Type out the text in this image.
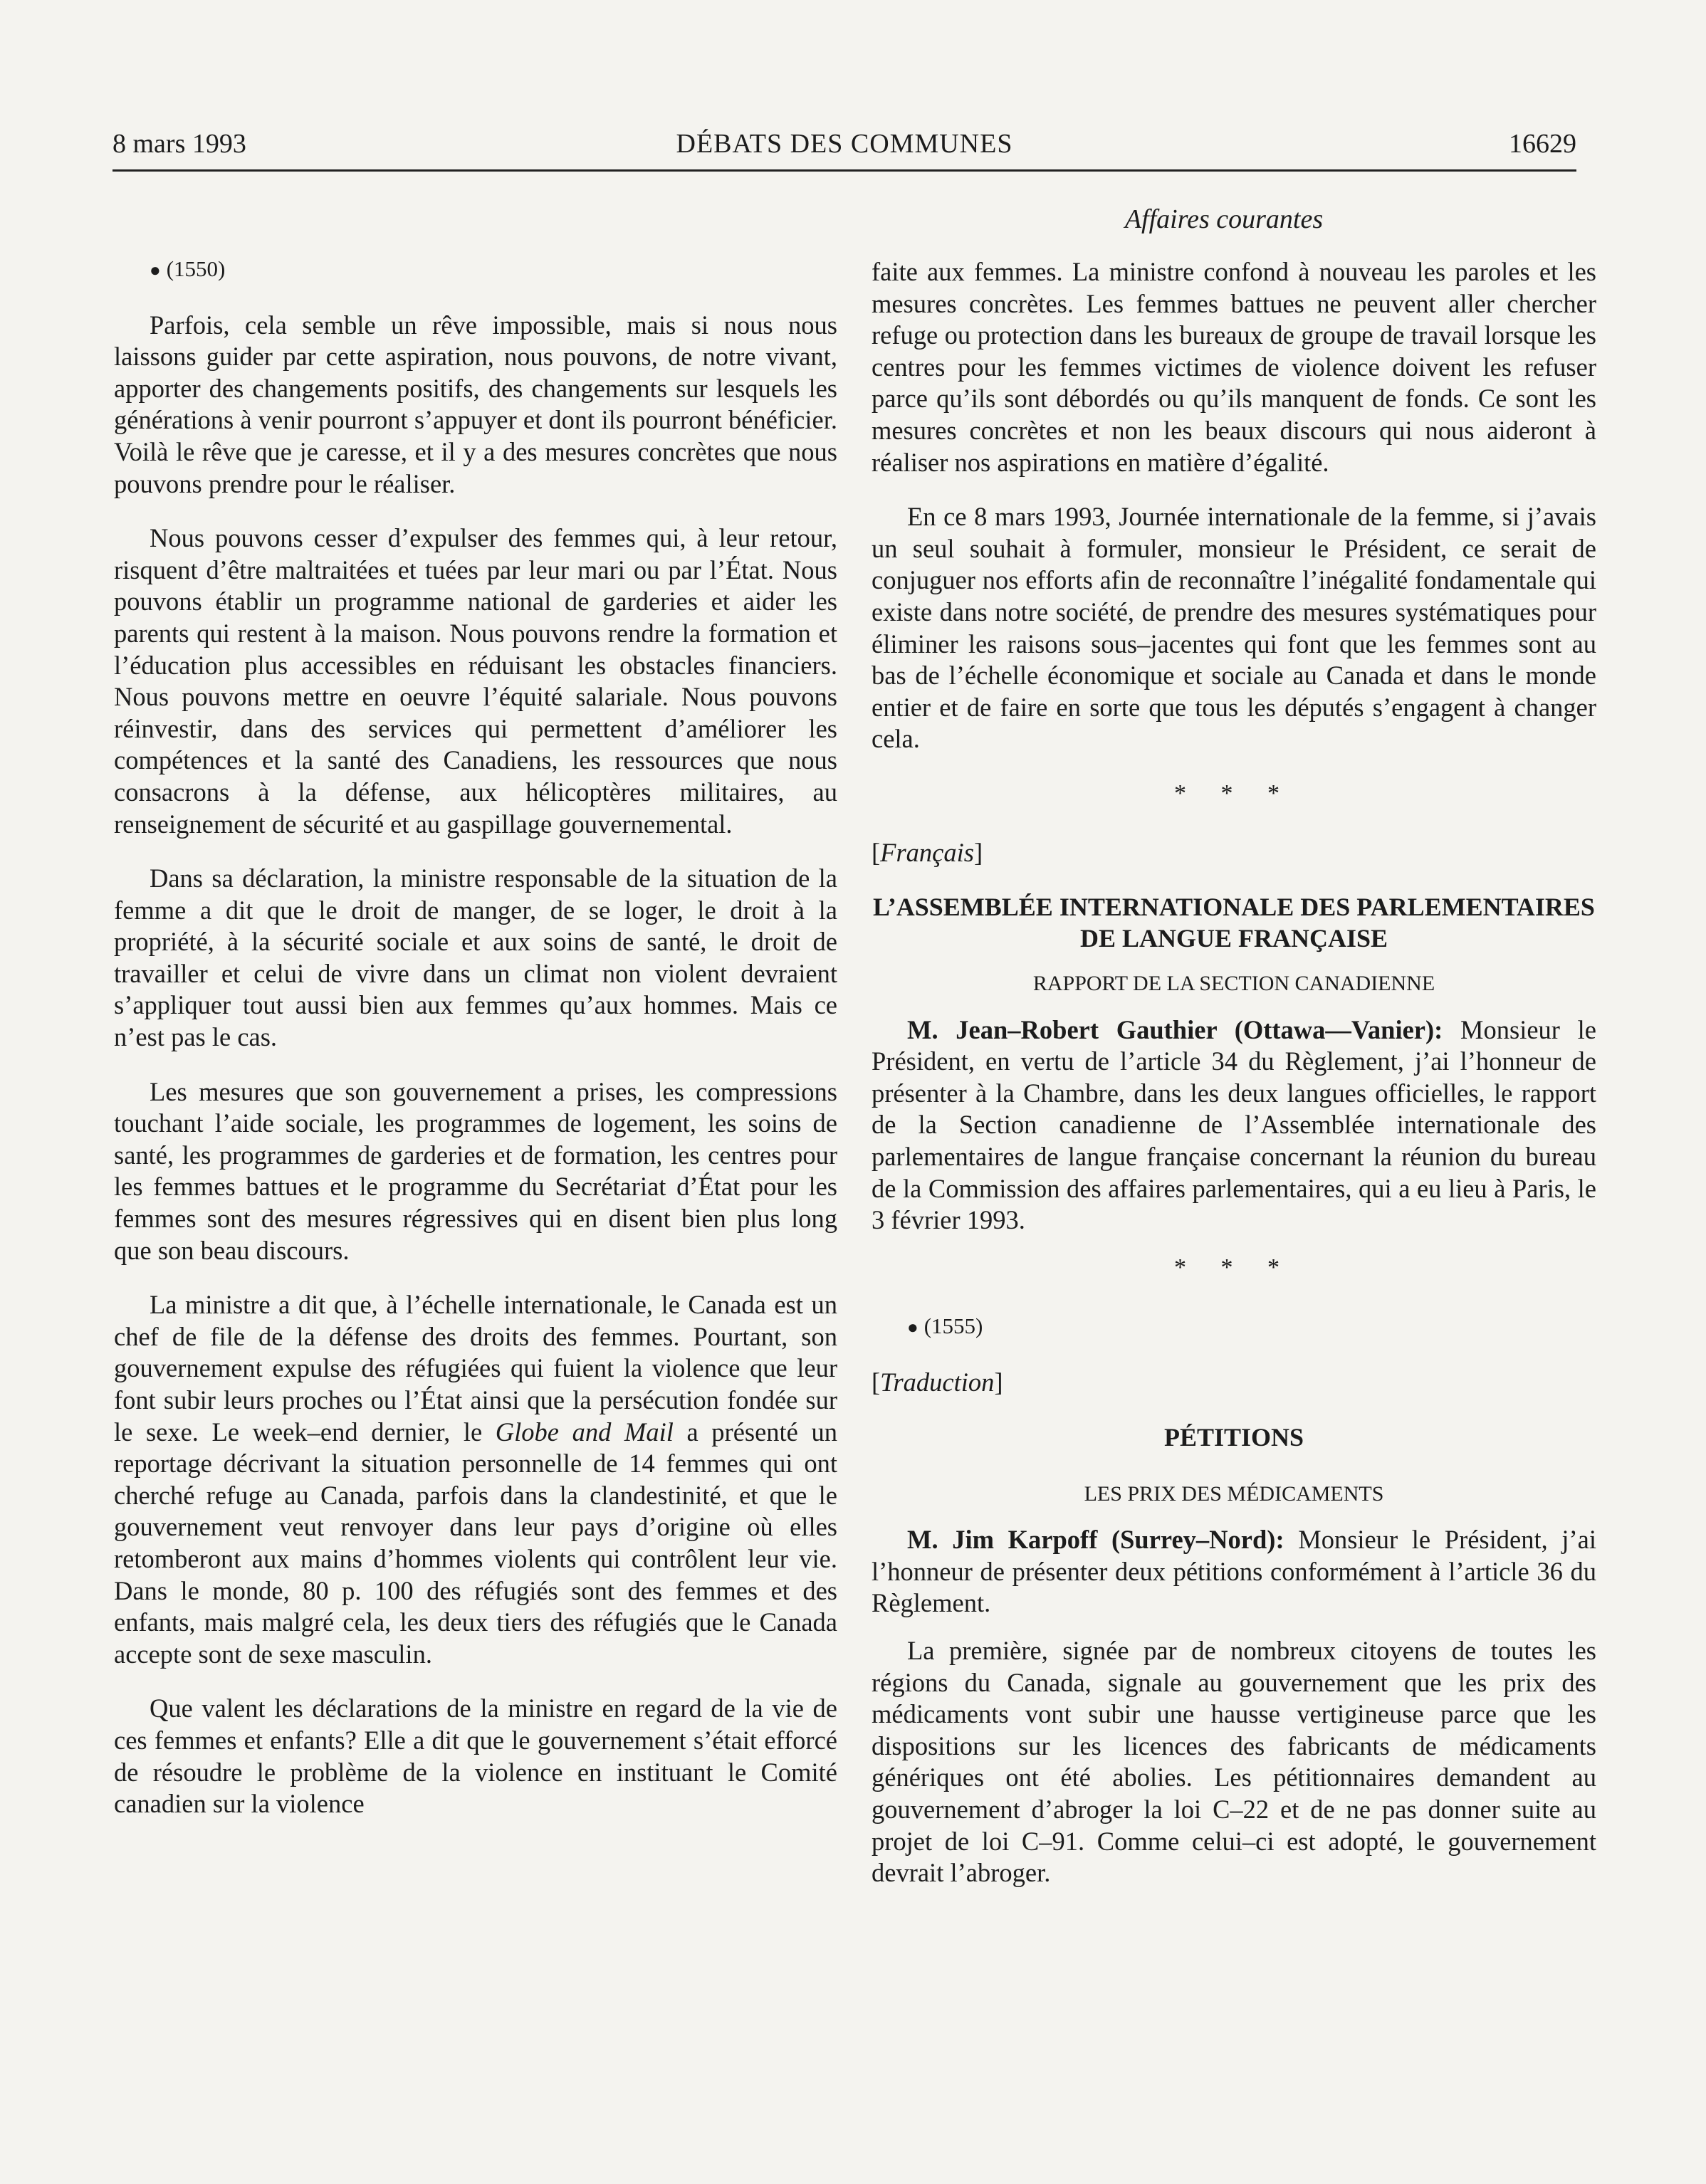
8 mars 1993	DÉBATS DES COMMUNES	16629
Affaires courantes

● (1550)

Parfois, cela semble un rêve impossible, mais si nous nous laissons guider par cette aspiration, nous pouvons, de notre vivant, apporter des changements positifs, des changements sur lesquels les générations à venir pourront s’appuyer et dont ils pourront bénéficier. Voilà le rêve que je caresse, et il y a des mesures concrètes que nous pouvons prendre pour le réaliser.

Nous pouvons cesser d’expulser des femmes qui, à leur retour, risquent d’être maltraitées et tuées par leur mari ou par l’État. Nous pouvons établir un programme national de garderies et aider les parents qui restent à la maison. Nous pouvons rendre la formation et l’éducation plus accessibles en réduisant les obstacles financiers. Nous pouvons mettre en oeuvre l’équité salariale. Nous pouvons réinvestir, dans des services qui permettent d’améliorer les compétences et la santé des Canadiens, les ressources que nous consacrons à la défense, aux hélicoptères militaires, au renseignement de sécurité et au gaspillage gouvernemental.

Dans sa déclaration, la ministre responsable de la situation de la femme a dit que le droit de manger, de se loger, le droit à la propriété, à la sécurité sociale et aux soins de santé, le droit de travailler et celui de vivre dans un climat non violent devraient s’appliquer tout aussi bien aux femmes qu’aux hommes. Mais ce n’est pas le cas.

Les mesures que son gouvernement a prises, les compressions touchant l’aide sociale, les programmes de logement, les soins de santé, les programmes de garderies et de formation, les centres pour les femmes battues et le programme du Secrétariat d’État pour les femmes sont des mesures régressives qui en disent bien plus long que son beau discours.

La ministre a dit que, à l’échelle internationale, le Canada est un chef de file de la défense des droits des femmes. Pourtant, son gouvernement expulse des réfugiées qui fuient la violence que leur font subir leurs proches ou l’État ainsi que la persécution fondée sur le sexe. Le week–end dernier, le Globe and Mail a présenté un reportage décrivant la situation personnelle de 14 femmes qui ont cherché refuge au Canada, parfois dans la clandestinité, et que le gouvernement veut renvoyer dans leur pays d’origine où elles retomberont aux mains d’hommes violents qui contrôlent leur vie. Dans le monde, 80 p. 100 des réfugiés sont des femmes et des enfants, mais malgré cela, les deux tiers des réfugiés que le Canada accepte sont de sexe masculin.

Que valent les déclarations de la ministre en regard de la vie de ces femmes et enfants? Elle a dit que le gouvernement s’était efforcé de résoudre le problème de la violence en instituant le Comité canadien sur la violence

faite aux femmes. La ministre confond à nouveau les paroles et les mesures concrètes. Les femmes battues ne peuvent aller chercher refuge ou protection dans les bureaux de groupe de travail lorsque les centres pour les femmes victimes de violence doivent les refuser parce qu’ils sont débordés ou qu’ils manquent de fonds. Ce sont les mesures concrètes et non les beaux discours qui nous aideront à réaliser nos aspirations en matière d’égalité.

En ce 8 mars 1993, Journée internationale de la femme, si j’avais un seul souhait à formuler, monsieur le Président, ce serait de conjuguer nos efforts afin de reconnaître l’inégalité fondamentale qui existe dans notre société, de prendre des mesures systématiques pour éliminer les raisons sous–jacentes qui font que les femmes sont au bas de l’échelle économique et sociale au Canada et dans le monde entier et de faire en sorte que tous les députés s’engagent à changer cela.

* * *

[Français]

L’ASSEMBLÉE INTERNATIONALE DES PARLEMENTAIRES DE LANGUE FRANÇAISE
RAPPORT DE LA SECTION CANADIENNE

M. Jean–Robert Gauthier (Ottawa—Vanier): Monsieur le Président, en vertu de l’article 34 du Règlement, j’ai l’honneur de présenter à la Chambre, dans les deux langues officielles, le rapport de la Section canadienne de l’Assemblée internationale des parlementaires de langue française concernant la réunion du bureau de la Commission des affaires parlementaires, qui a eu lieu à Paris, le 3 février 1993.

* * *

● (1555)

[Traduction]

PÉTITIONS
LES PRIX DES MÉDICAMENTS

M. Jim Karpoff (Surrey–Nord): Monsieur le Président, j’ai l’honneur de présenter deux pétitions conformément à l’article 36 du Règlement.

La première, signée par de nombreux citoyens de toutes les régions du Canada, signale au gouvernement que les prix des médicaments vont subir une hausse vertigineuse parce que les dispositions sur les licences des fabricants de médicaments génériques ont été abolies. Les pétitionnaires demandent au gouvernement d’abroger la loi C–22 et de ne pas donner suite au projet de loi C–91. Comme celui–ci est adopté, le gouvernement devrait l’abroger.
